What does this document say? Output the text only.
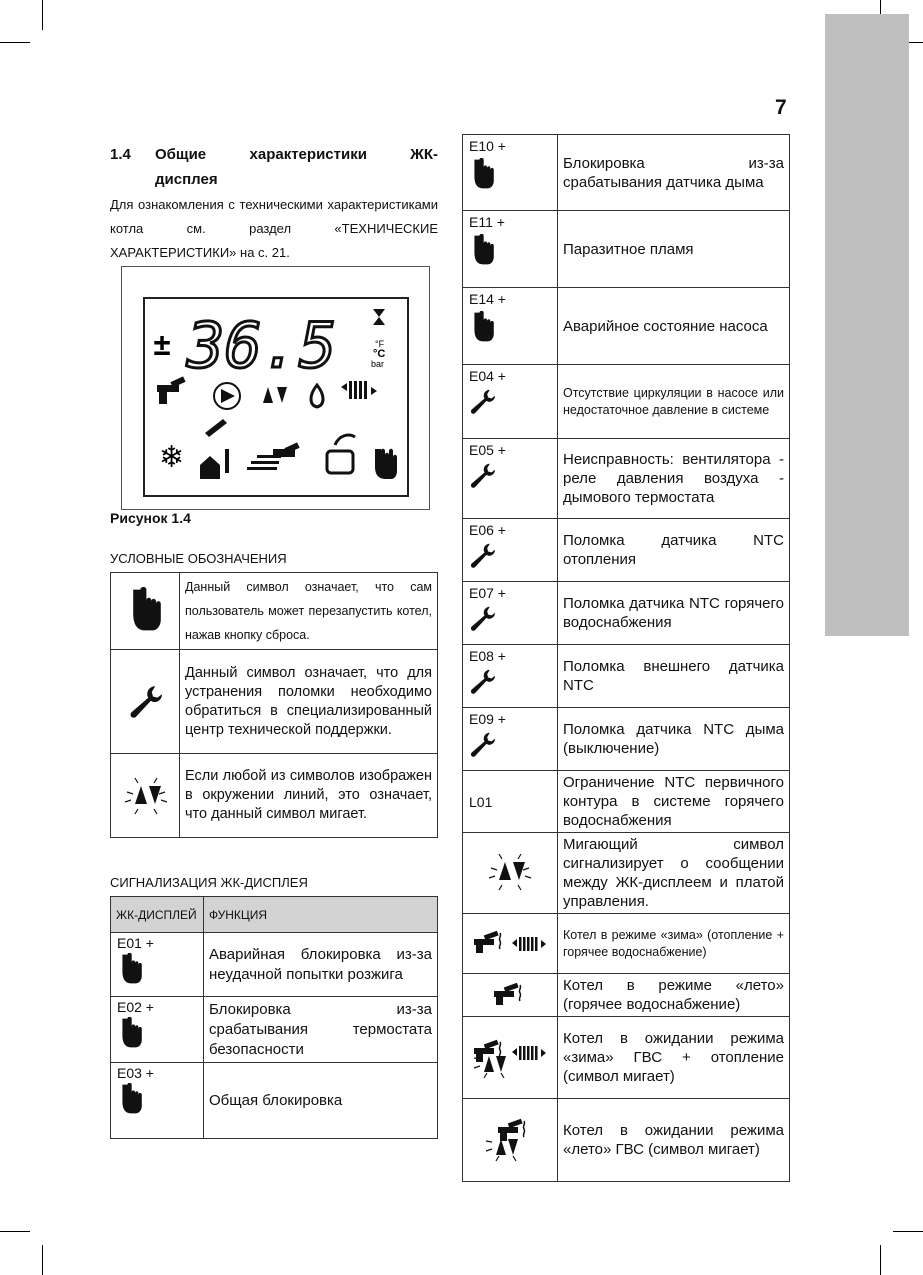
7
1.4 Общие характеристики ЖК-
дисплея
Для ознакомления с техническими характеристиками котла см. раздел «ТЕХНИЧЕСКИЕ ХАРАКТЕРИСТИКИ» на с. 21.
± 36.5	°F
°C
bar
❄
Рисунок 1.4
УСЛОВНЫЕ ОБОЗНАЧЕНИЯ
	Данный символ означает, что сам пользователь может перезапустить котел, нажав кнопку сброса.

	Данный символ означает, что для устранения поломки необходимо обратиться в специализированный центр технической поддержки.

	Если любой из символов изображен в окружении линий, это означает, что данный символ мигает.
СИГНАЛИЗАЦИЯ ЖК-ДИСПЛЕЯ
ЖК-ДИСПЛЕЙ	ФУНКЦИЯ
E01 +	Аварийная блокировка из-за неудачной попытки розжига
E02 +	Блокировка из-за срабатывания термостата безопасности
E03 +	Общая блокировка
E10 +	Блокировка из-за срабатывания датчика дыма
E11 +	Паразитное пламя
E14 +	Аварийное состояние насоса
E04 +	Отсутствие циркуляции в насосе или недостаточное давление в системе
E05 +	Неисправность: вентилятора - реле давления воздуха - дымового термостата
E06 +	Поломка датчика NTC отопления
E07 +	Поломка датчика NTC горячего водоснабжения
E08 +	Поломка внешнего датчика NTC
E09 +	Поломка датчика NTC дыма (выключение)
L01	Ограничение NTC первичного контура в системе горячего водоснабжения
	Мигающий символ сигнализирует о сообщении между ЖК-дисплеем и платой управления.
	Котел в режиме «зима» (отопление + горячее водоснабжение)
	Котел в режиме «лето» (горячее водоснабжение)
	Котел в ожидании режима «зима» ГВС + отопление (символ мигает)
	Котел в ожидании режима «лето» ГВС (символ мигает)
